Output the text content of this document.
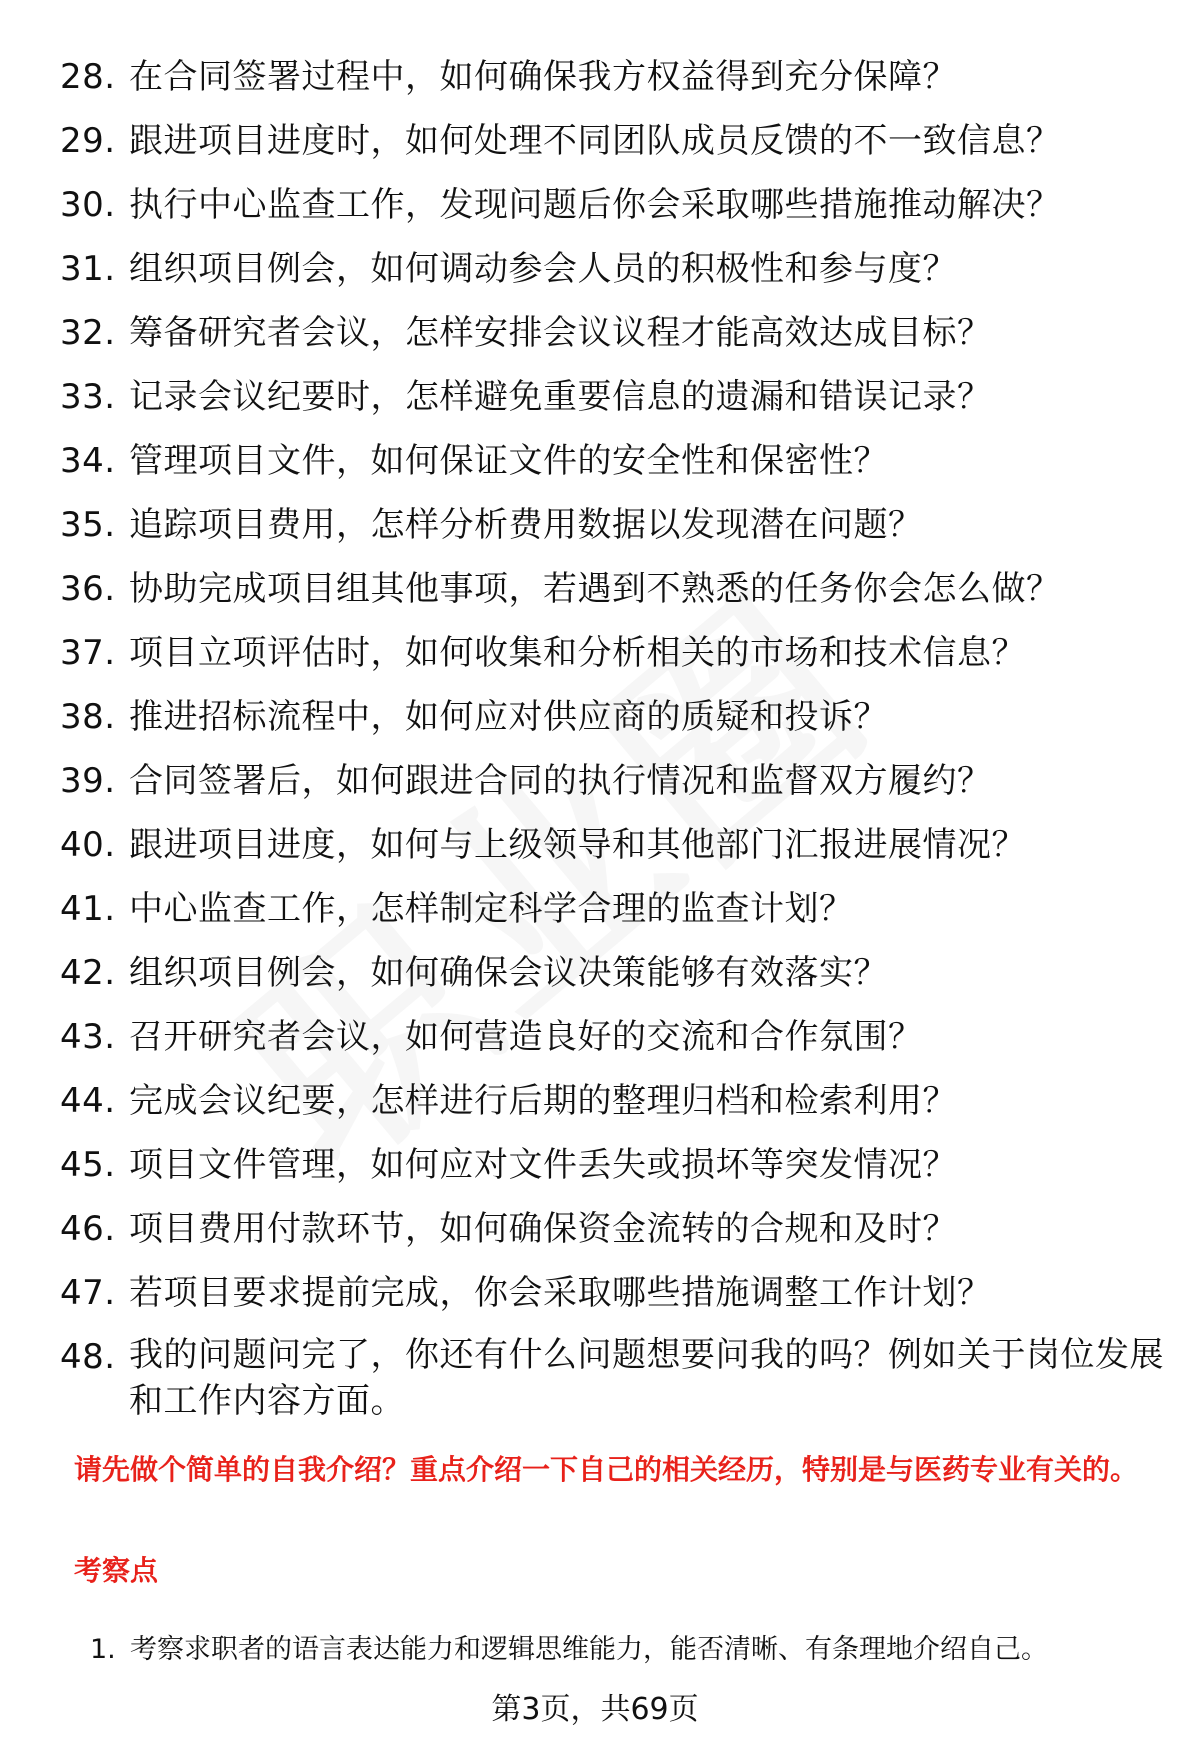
28. 在合同签署过程中，如何确保我方权益得到充分保障？
29. 跟进项目进度时，如何处理不同团队成员反馈的不一致信息？
30. 执行中心监查工作，发现问题后你会采取哪些措施推动解决？
31. 组织项目例会，如何调动参会人员的积极性和参与度？
32. 筹备研究者会议，怎样安排会议议程才能高效达成目标？
33. 记录会议纪要时，怎样避免重要信息的遗漏和错误记录？
34. 管理项目文件，如何保证文件的安全性和保密性？
35. 追踪项目费用，怎样分析费用数据以发现潜在问题？
36. 协助完成项目组其他事项，若遇到不熟悉的任务你会怎么做？
37. 项目立项评估时，如何收集和分析相关的市场和技术信息？
38. 推进招标流程中，如何应对供应商的质疑和投诉？
39. 合同签署后，如何跟进合同的执行情况和监督双方履约？
40. 跟进项目进度，如何与上级领导和其他部门汇报进展情况？
41. 中心监查工作，怎样制定科学合理的监查计划？
42. 组织项目例会，如何确保会议决策能够有效落实？
43. 召开研究者会议，如何营造良好的交流和合作氛围？
44. 完成会议纪要，怎样进行后期的整理归档和检索利用？
45. 项目文件管理，如何应对文件丢失或损坏等突发情况？
46. 项目费用付款环节，如何确保资金流转的合规和及时？
47. 若项目要求提前完成，你会采取哪些措施调整工作计划？
48. 我的问题问完了，你还有什么问题想要问我的吗？例如关于岗位发展和工作内容方面。
请先做个简单的自我介绍？重点介绍一下自己的相关经历，特别是与医药专业有关的。
考察点
1. 考察求职者的语言表达能力和逻辑思维能力，能否清晰、有条理地介绍自己。
第3页，共69页
